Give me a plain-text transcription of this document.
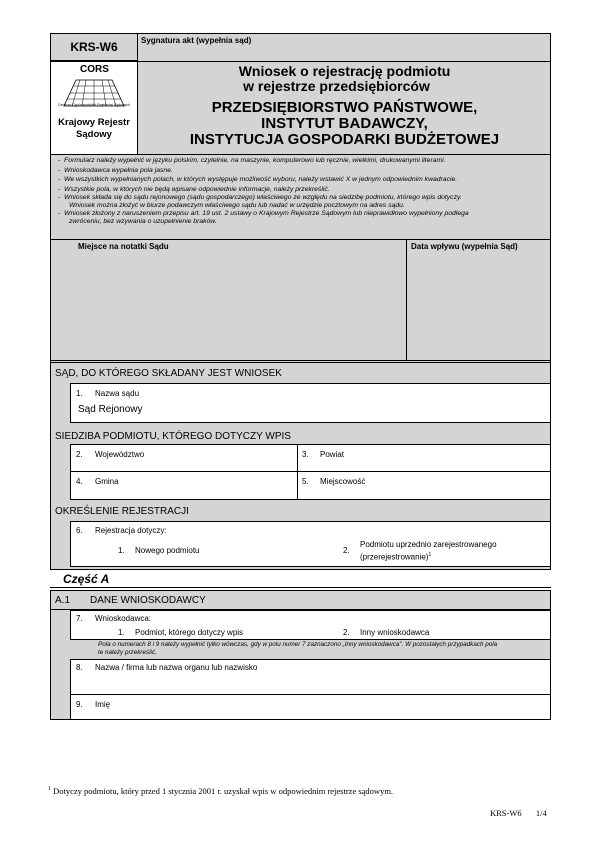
KRS-W6	Sygnatura akt (wypełnia sąd)
CORS
Centrum Ogólnopolskich Rejestrów Sądowych
Krajowy Rejestr
Sądowy
Wniosek o rejestrację podmiotu
w rejestrze przedsiębiorców
PRZEDSIĘBIORSTWO PAŃSTWOWE,
INSTYTUT BADAWCZY,
INSTYTUCJA GOSPODARKI BUDŻETOWEJ
-  Formularz należy wypełnić w języku polskim, czytelnie, na maszynie, komputerowo lub ręcznie, wielkimi, drukowanymi literami.
-  Wnioskodawca wypełnia pola jasne.
-  We wszystkich wypełnianych polach, w których występuje możliwość wyboru, należy wstawić X w jednym odpowiednim kwadracie.
-  Wszystkie pola, w których nie będą wpisane odpowiednie informacje, należy przekreślić.
-  Wniosek składa się do sądu rejonowego (sądu gospodarczego) właściwego ze względu na siedzibę podmiotu, którego wpis dotyczy.
Wniosek można złożyć w biurze podawczym właściwego sądu lub nadać w urzędzie pocztowym na adres sądu.
-  Wniosek złożony z naruszeniem przepisu art. 19 ust. 2 ustawy o Krajowym Rejestrze Sądowym lub nieprawidłowo wypełniony podlega
zwróceniu, bez wzywania o uzupełnienie braków.
Miejsce na notatki Sądu	Data wpływu (wypełnia Sąd)
SĄD, DO KTÓREGO SKŁADANY JEST WNIOSEK
1. Nazwa sądu
Sąd Rejonowy
SIEDZIBA PODMIOTU, KTÓREGO DOTYCZY WPIS
2. Województwo	3. Powiat
4. Gmina	5. Miejscowość
OKREŚLENIE REJESTRACJI
6. Rejestracja dotyczy:
1. Nowego podmiotu	2.
Podmiotu uprzednio zarejestrowanego
(przerejestrowanie)$^1$
Część A
A.1 DANE WNIOSKODAWCY
7. Wnioskodawca:
1. Podmiot, którego dotyczy wpis	2. Inny wnioskodawca
Pola o numerach 8 i 9 należy wypełnić tylko wówczas, gdy w polu numer 7 zaznaczono „Inny wnioskodawca". W pozostałych przypadkach pola
te należy przekreślić.
8. Nazwa / firma lub nazwa organu lub nazwisko
9. Imię
$^1$ Dotyczy podmiotu, który przed 1 stycznia 2001 r. uzyskał wpis w odpowiednim rejestrze sądowym.
KRS-W6 1/4
